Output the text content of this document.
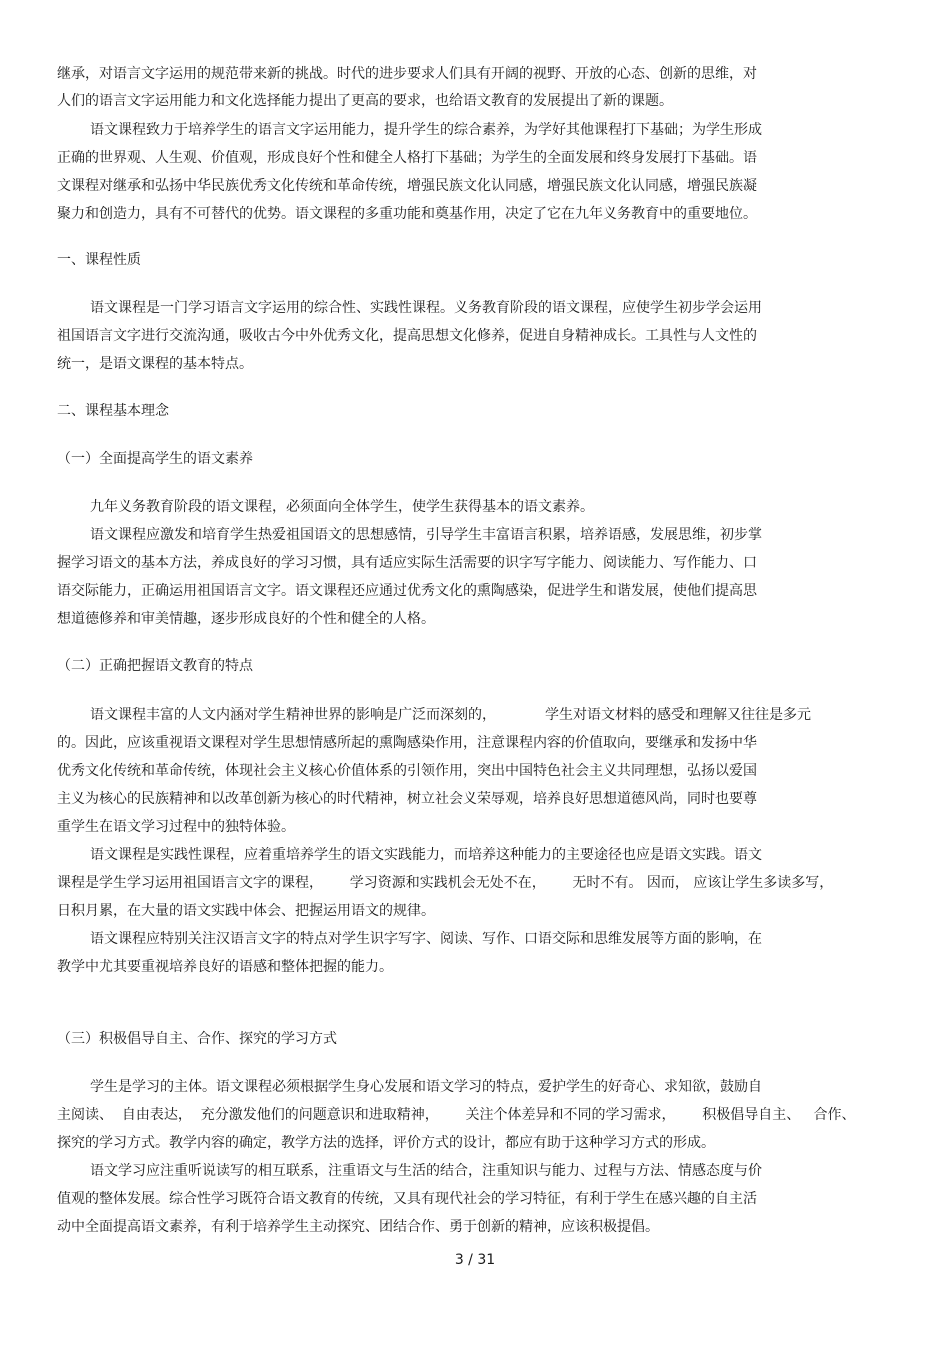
继承，对语言文字运用的规范带来新的挑战。时代的进步要求人们具有开阔的视野、开放的心态、创新的思维，对
人们的语言文字运用能力和文化选择能力提出了更高的要求，也给语文教育的发展提出了新的课题。
语文课程致力于培养学生的语言文字运用能力，提升学生的综合素养，为学好其他课程打下基础；为学生形成
正确的世界观、人生观、价值观，形成良好个性和健全人格打下基础；为学生的全面发展和终身发展打下基础。语
文课程对继承和弘扬中华民族优秀文化传统和革命传统，增强民族文化认同感，增强民族文化认同感，增强民族凝
聚力和创造力，具有不可替代的优势。语文课程的多重功能和奠基作用，决定了它在九年义务教育中的重要地位。
一、课程性质
语文课程是一门学习语言文字运用的综合性、实践性课程。义务教育阶段的语文课程，应使学生初步学会运用
祖国语言文字进行交流沟通，吸收古今中外优秀文化，提高思想文化修养，促进自身精神成长。工具性与人文性的
统一，是语文课程的基本特点。
二、课程基本理念
（一）全面提高学生的语文素养
九年义务教育阶段的语文课程，必须面向全体学生，使学生获得基本的语文素养。
语文课程应激发和培育学生热爱祖国语文的思想感情，引导学生丰富语言积累，培养语感，发展思维，初步掌
握学习语文的基本方法，养成良好的学习习惯，具有适应实际生活需要的识字写字能力、阅读能力、写作能力、口
语交际能力，正确运用祖国语言文字。语文课程还应通过优秀文化的熏陶感染，促进学生和谐发展，使他们提高思
想道德修养和审美情趣，逐步形成良好的个性和健全的人格。
（二）正确把握语文教育的特点
语文课程丰富的人文内涵对学生精神世界的影响是广泛而深刻的，           学生对语文材料的感受和理解又往往是多元
的。因此，应该重视语文课程对学生思想情感所起的熏陶感染作用，注意课程内容的价值取向，要继承和发扬中华
优秀文化传统和革命传统，体现社会主义核心价值体系的引领作用，突出中国特色社会主义共同理想，弘扬以爱国
主义为核心的民族精神和以改革创新为核心的时代精神，树立社会义荣辱观，培养良好思想道德风尚，同时也要尊
重学生在语文学习过程中的独特体验。
语文课程是实践性课程，应着重培养学生的语文实践能力，而培养这种能力的主要途径也应是语文实践。语文
课程是学生学习运用祖国语言文字的课程，      学习资源和实践机会无处不在，      无时不有。 因而， 应该让学生多读多写，
日积月累，在大量的语文实践中体会、把握运用语文的规律。
语文课程应特别关注汉语言文字的特点对学生识字写字、阅读、写作、口语交际和思维发展等方面的影响，在
教学中尤其要重视培养良好的语感和整体把握的能力。
（三）积极倡导自主、合作、探究的学习方式
学生是学习的主体。语文课程必须根据学生身心发展和语文学习的特点，爱护学生的好奇心、求知欲，鼓励自
主阅读、  自由表达，  充分激发他们的问题意识和进取精神，      关注个体差异和不同的学习需求，      积极倡导自主、   合作、
探究的学习方式。教学内容的确定，教学方法的选择，评价方式的设计，都应有助于这种学习方式的形成。
语文学习应注重听说读写的相互联系，注重语文与生活的结合，注重知识与能力、过程与方法、情感态度与价
值观的整体发展。综合性学习既符合语文教育的传统，又具有现代社会的学习特征，有利于学生在感兴趣的自主活
动中全面提高语文素养，有利于培养学生主动探究、团结合作、勇于创新的精神，应该积极提倡。
3 / 31
